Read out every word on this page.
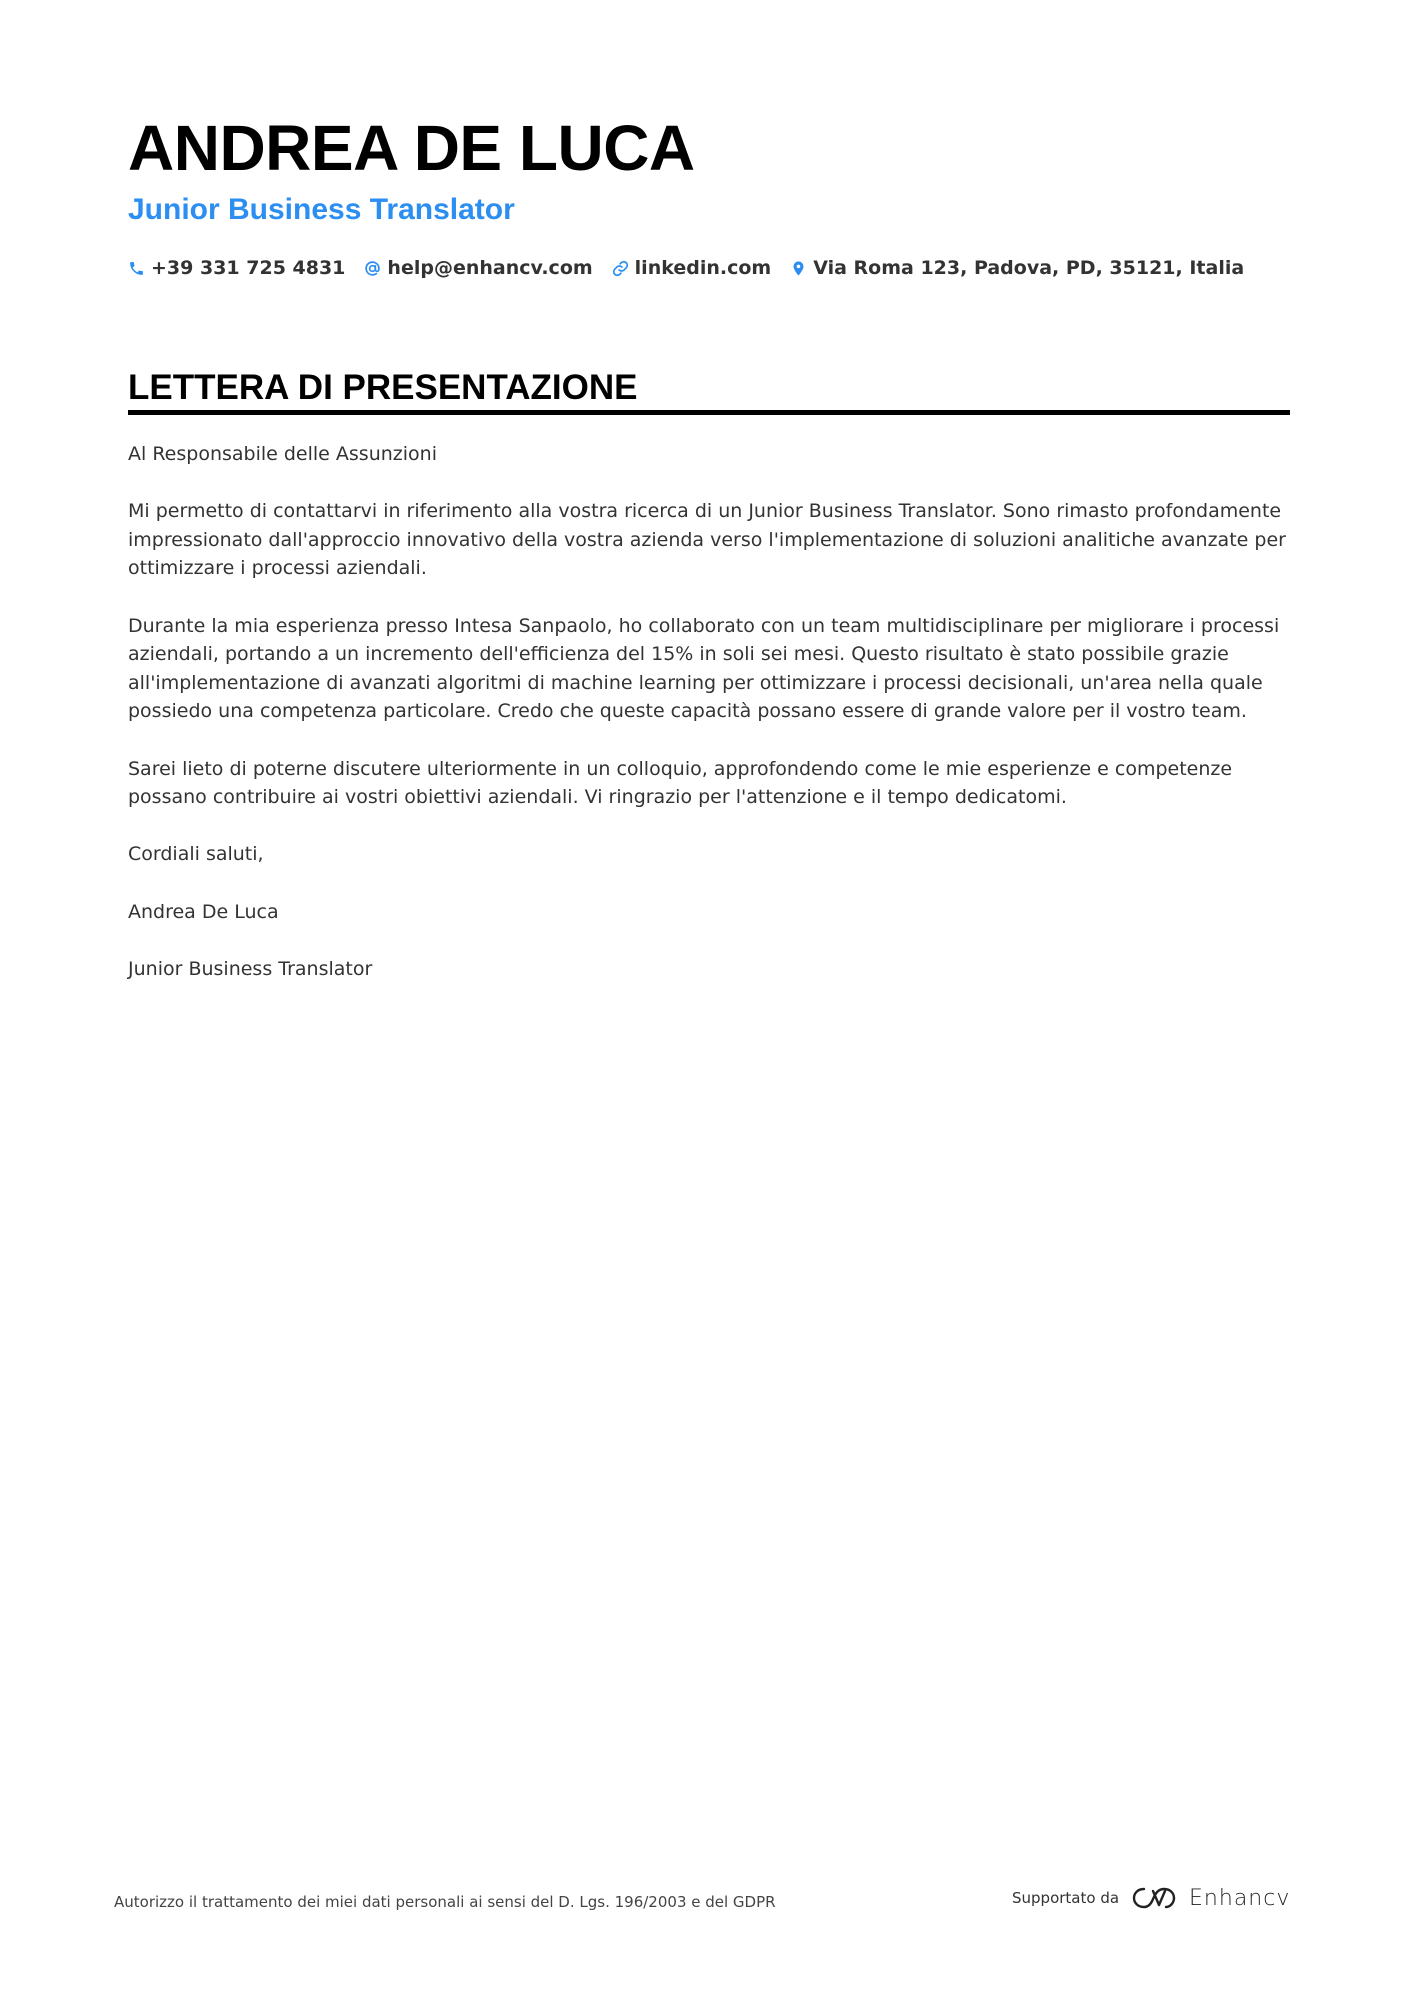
ANDREA DE LUCA
Junior Business Translator
+39 331 725 4831 help@enhancv.com linkedin.com Via Roma 123, Padova, PD, 35121, Italia
LETTERA DI PRESENTAZIONE

Al Responsabile delle Assunzioni

Mi permetto di contattarvi in riferimento alla vostra ricerca di un Junior Business Translator. Sono rimasto profondamente impressionato dall'approccio innovativo della vostra azienda verso l'implementazione di soluzioni analitiche avanzate per ottimizzare i processi aziendali.

Durante la mia esperienza presso Intesa Sanpaolo, ho collaborato con un team multidisciplinare per migliorare i processi aziendali, portando a un incremento dell'efficienza del 15% in soli sei mesi. Questo risultato è stato possibile grazie all'implementazione di avanzati algoritmi di machine learning per ottimizzare i processi decisionali, un'area nella quale possiedo una competenza particolare. Credo che queste capacità possano essere di grande valore per il vostro team.

Sarei lieto di poterne discutere ulteriormente in un colloquio, approfondendo come le mie esperienze e competenze possano contribuire ai vostri obiettivi aziendali. Vi ringrazio per l'attenzione e il tempo dedicatomi.

Cordiali saluti,

Andrea De Luca

Junior Business Translator

Autorizzo il trattamento dei miei dati personali ai sensi del D. Lgs. 196/2003 e del GDPR	Supportato da	Enhancv
